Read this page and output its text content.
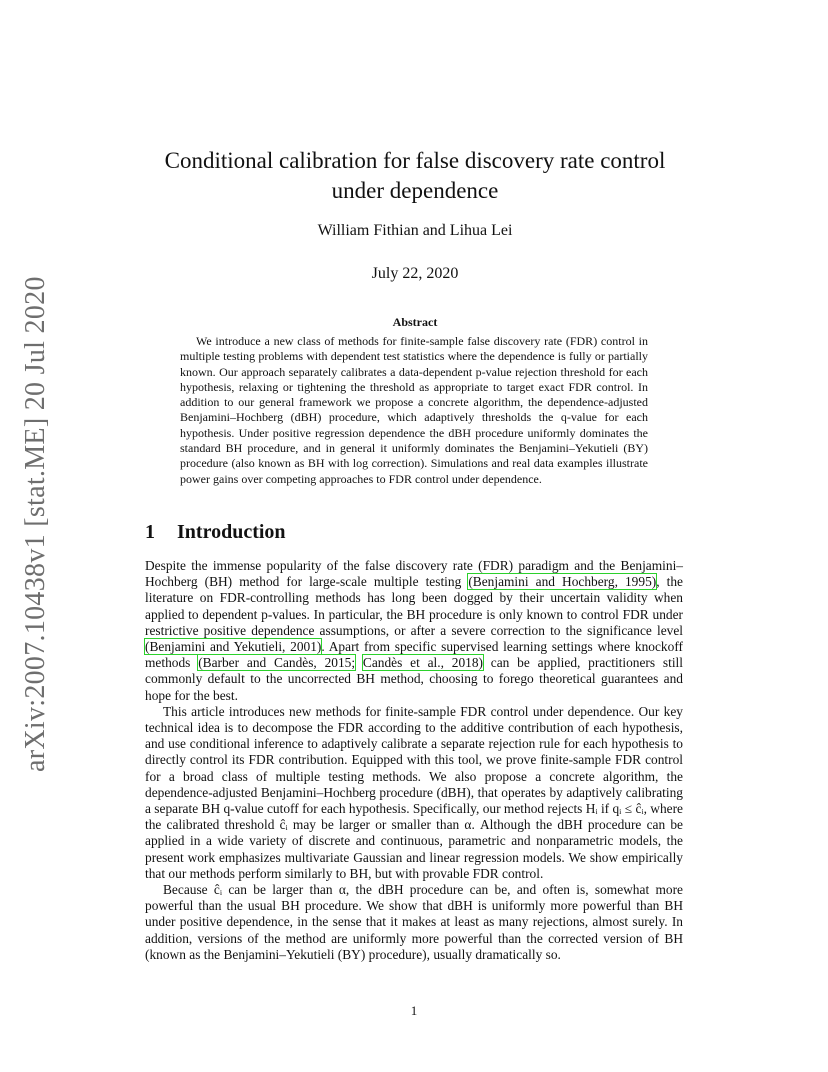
arXiv:2007.10438v1 [stat.ME] 20 Jul 2020
Conditional calibration for false discovery rate control
under dependence
William Fithian and Lihua Lei
July 22, 2020
Abstract

We introduce a new class of methods for finite-sample false discovery rate (FDR) control in multiple testing problems with dependent test statistics where the dependence is fully or partially known. Our approach separately calibrates a data-dependent p-value rejection threshold for each hypothesis, relaxing or tightening the threshold as appropriate to target exact FDR control. In addition to our general framework we propose a concrete algorithm, the dependence-adjusted Benjamini–Hochberg (dBH) procedure, which adaptively thresholds the q-value for each hypothesis. Under positive regression dependence the dBH procedure uniformly dominates the standard BH procedure, and in general it uniformly dominates the Benjamini–Yekutieli (BY) procedure (also known as BH with log correction). Simulations and real data examples illustrate power gains over competing approaches to FDR control under dependence.

1 Introduction

Despite the immense popularity of the false discovery rate (FDR) paradigm and the Benjamini–Hochberg (BH) method for large-scale multiple testing (Benjamini and Hochberg, 1995), the literature on FDR-controlling methods has long been dogged by their uncertain validity when applied to dependent p-values. In particular, the BH procedure is only known to control FDR under restrictive positive dependence assumptions, or after a severe correction to the significance level (Benjamini and Yekutieli, 2001). Apart from specific supervised learning settings where knockoff methods (Barber and Candès, 2015; Candès et al., 2018) can be applied, practitioners still commonly default to the uncorrected BH method, choosing to forego theoretical guarantees and hope for the best.

This article introduces new methods for finite-sample FDR control under dependence. Our key technical idea is to decompose the FDR according to the additive contribution of each hypothesis, and use conditional inference to adaptively calibrate a separate rejection rule for each hypothesis to directly control its FDR contribution. Equipped with this tool, we prove finite-sample FDR control for a broad class of multiple testing methods. We also propose a concrete algorithm, the dependence-adjusted Benjamini–Hochberg procedure (dBH), that operates by adaptively calibrating a separate BH q-value cutoff for each hypothesis. Specifically, our method rejects Hᵢ if qᵢ ≤ ĉᵢ, where the calibrated threshold ĉᵢ may be larger or smaller than α. Although the dBH procedure can be applied in a wide variety of discrete and continuous, parametric and nonparametric models, the present work emphasizes multivariate Gaussian and linear regression models. We show empirically that our methods perform similarly to BH, but with provable FDR control.

Because ĉᵢ can be larger than α, the dBH procedure can be, and often is, somewhat more powerful than the usual BH procedure. We show that dBH is uniformly more powerful than BH under positive dependence, in the sense that it makes at least as many rejections, almost surely. In addition, versions of the method are uniformly more powerful than the corrected version of BH (known as the Benjamini–Yekutieli (BY) procedure), usually dramatically so.

1
